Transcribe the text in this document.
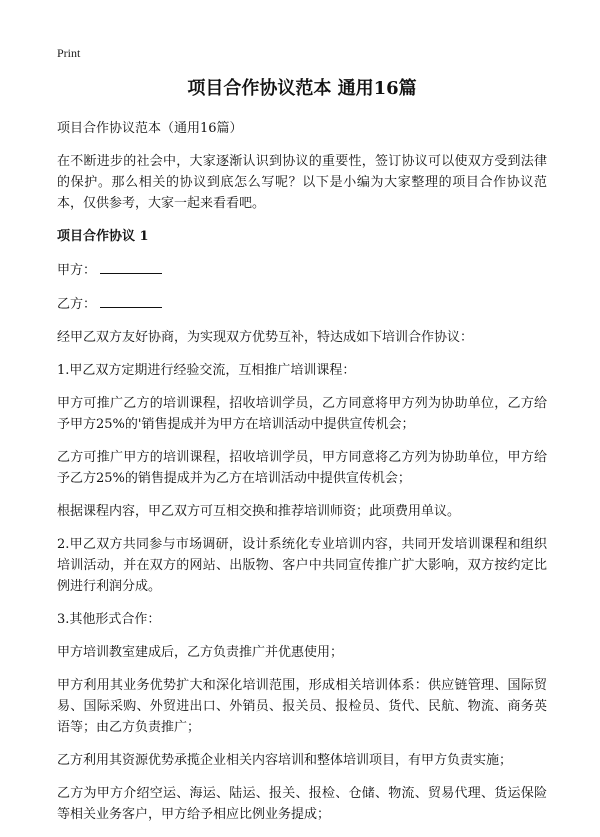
Print
项目合作协议范本 通用16篇
项目合作协议范本（通用16篇）
在不断进步的社会中，大家逐渐认识到协议的重要性，签订协议可以使双方受到法律的保护。那么相关的协议到底怎么写呢？以下是小编为大家整理的项目合作协议范本，仅供参考，大家一起来看看吧。
项目合作协议 1
甲方：
乙方：
经甲乙双方友好协商，为实现双方优势互补，特达成如下培训合作协议：
1.甲乙双方定期进行经验交流，互相推广培训课程：
甲方可推广乙方的培训课程，招收培训学员，乙方同意将甲方列为协助单位，乙方给予甲方25%的'销售提成并为甲方在培训活动中提供宣传机会；
乙方可推广甲方的培训课程，招收培训学员，甲方同意将乙方列为协助单位，甲方给予乙方25%的销售提成并为乙方在培训活动中提供宣传机会；
根据课程内容，甲乙双方可互相交换和推荐培训师资；此项费用单议。
2.甲乙双方共同参与市场调研，设计系统化专业培训内容，共同开发培训课程和组织培训活动，并在双方的网站、出版物、客户中共同宣传推广扩大影响，双方按约定比例进行利润分成。
3.其他形式合作：
甲方培训教室建成后，乙方负责推广并优惠使用；
甲方利用其业务优势扩大和深化培训范围，形成相关培训体系：供应链管理、国际贸易、国际采购、外贸进出口、外销员、报关员、报检员、货代、民航、物流、商务英语等；由乙方负责推广；
乙方利用其资源优势承揽企业相关内容培训和整体培训项目，有甲方负责实施；
乙方为甲方介绍空运、海运、陆运、报关、报检、仓储、物流、贸易代理、货运保险等相关业务客户，甲方给予相应比例业务提成；
